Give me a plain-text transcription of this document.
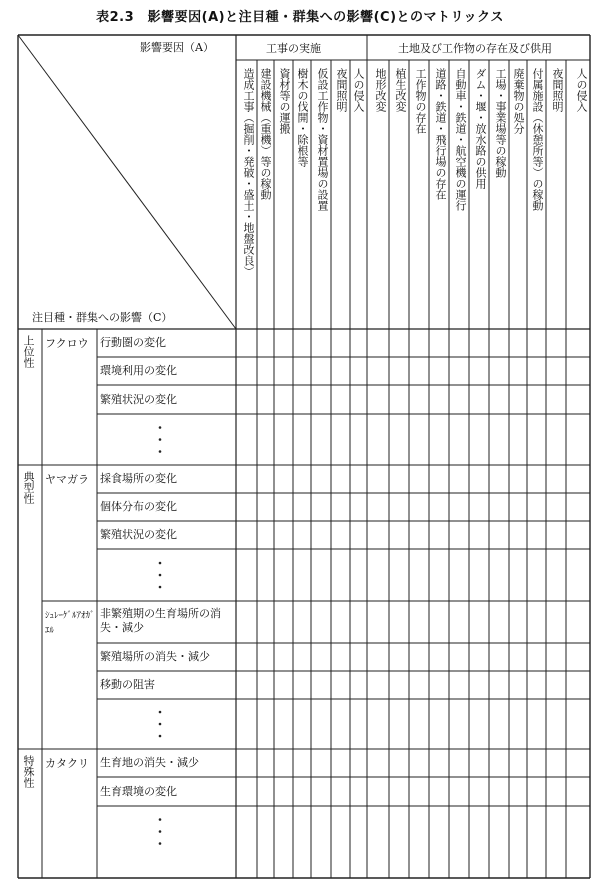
表2.3　影響要因(A)と注目種・群集への影響(C)とのマトリックス
影響要因（A）
注目種・群集への影響（C）
工事の実施	土地及び工作物の存在及び供用
造成工事（掘削・発破・盛土・地盤改良） 建設機械（重機）等の稼動 資材等の運搬 樹木の伐開・除根等 仮設工作物・資材置場の設置 夜間照明 人の侵入 地形改変 植生改変 工作物の存在 道路・鉄道・飛行場の存在 自動車・鉄道・航空機の運行 ダム・堰・放水路の供用 工場・事業場等の稼動 廃棄物の処分 付属施設（休憩所等）の稼動 夜間照明 人の侵入
上位性
典型性
特殊性
フクロウ
ヤマガラ
ｼｭﾚｰｹﾞﾙｱｵｶﾞｴﾙ
カタクリ
行動圏の変化
環境利用の変化
繁殖状況の変化
採食場所の変化
個体分布の変化
繁殖状況の変化
非繁殖期の生育場所の消失・減少
繁殖場所の消失・減少
移動の阻害
生育地の消失・減少
生育環境の変化
